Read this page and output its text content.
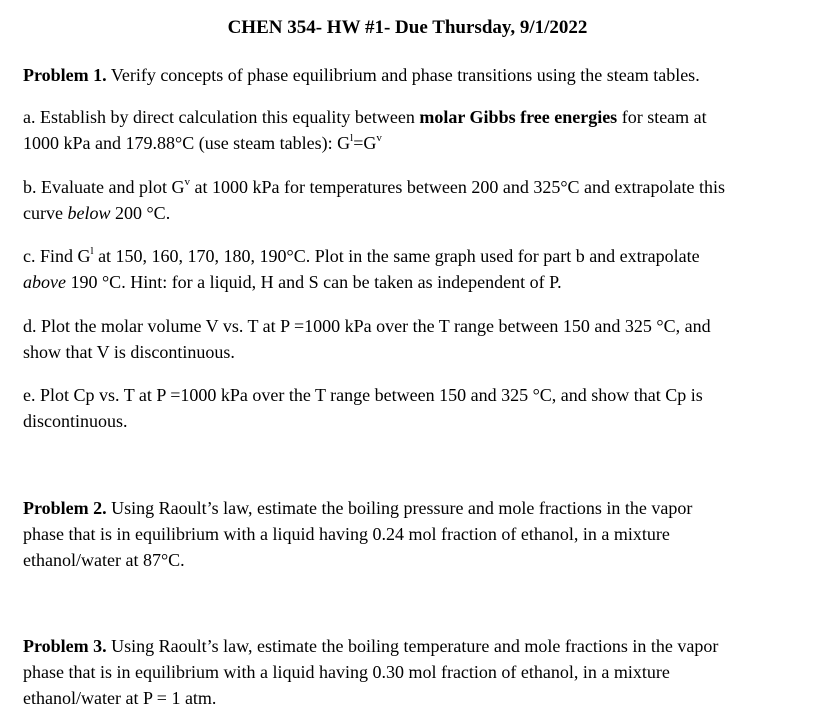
CHEN 354- HW #1- Due Thursday, 9/1/2022
Problem 1. Verify concepts of phase equilibrium and phase transitions using the steam tables.
a. Establish by direct calculation this equality between molar Gibbs free energies for steam at
1000 kPa and 179.88°C (use steam tables): $G^l=G^v$
b. Evaluate and plot $G^v$ at 1000 kPa for temperatures between 200 and 325°C and extrapolate this
curve below 200 °C.
c. Find $G^l$ at 150, 160, 170, 180, 190°C. Plot in the same graph used for part b and extrapolate
above 190 °C. Hint: for a liquid, H and S can be taken as independent of P.
d. Plot the molar volume V vs. T at P =1000 kPa over the T range between 150 and 325 °C, and
show that V is discontinuous.
e. Plot Cp vs. T at P =1000 kPa over the T range between 150 and 325 °C, and show that Cp is
discontinuous.
Problem 2. Using Raoult’s law, estimate the boiling pressure and mole fractions in the vapor
phase that is in equilibrium with a liquid having 0.24 mol fraction of ethanol, in a mixture
ethanol/water at 87°C.
Problem 3. Using Raoult’s law, estimate the boiling temperature and mole fractions in the vapor
phase that is in equilibrium with a liquid having 0.30 mol fraction of ethanol, in a mixture
ethanol/water at P = 1 atm.
